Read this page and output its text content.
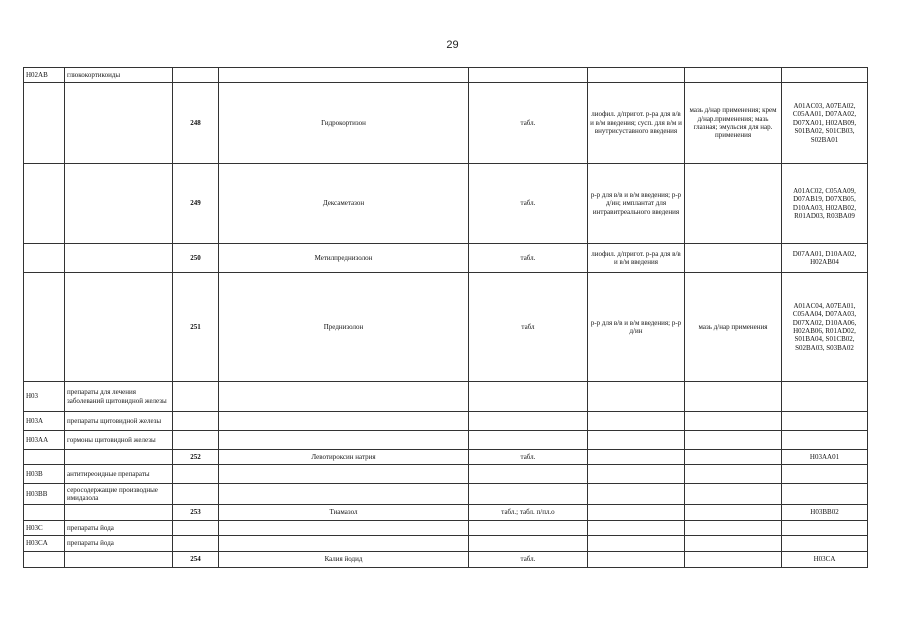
29
H02AB	глюкокортикоиды						
		248	Гидрокортизон	табл.	лиофил. д/пригот. р-ра для в/в и в/м введения; сусп. для в/м и внутрисуставного введения	мазь д/нар применения; крем д/нар.применения; мазь глазная; эмульсия для нар. применения	A01AC03, A07EA02, C05AA01, D07AA02, D07XA01, H02AB09, S01BA02, S01CB03, S02BA01
		249	Дексаметазон	табл.	р-р для в/в и в/м введения; р-р д/ин; имплантат для интравитреального введения		A01AC02, C05AA09, D07AB19, D07XB05, D10AA03, H02AB02, R01AD03, R03BA09
		250	Метилпреднизолон	табл.	лиофил. д/пригот. р-ра для в/в и в/м введения		D07AA01, D10AA02, H02AB04
		251	Преднизолон	табл	р-р для в/в и в/м введения; р-р д/ин	мазь д/нар применения	A01AC04, A07EA01, C05AA04, D07AA03, D07XA02, D10AA06, H02AB06, R01AD02, S01BA04, S01CB02, S02BA03, S03BA02
H03	препараты для лечения заболеваний щитовидной железы						
H03A	препараты щитовидной железы						
H03AA	гормоны щитовидной железы						
		252	Левотироксин натрия	табл.			H03AA01
H03B	антитиреоидные препараты						
H03BB	серосодержащие производные имидазола						
		253	Тиамазол	табл.; табл. п/пл.о			H03BB02
H03C	препараты йода						
H03CA	препараты йода						
		254	Калия йодид	табл.			H03CA
